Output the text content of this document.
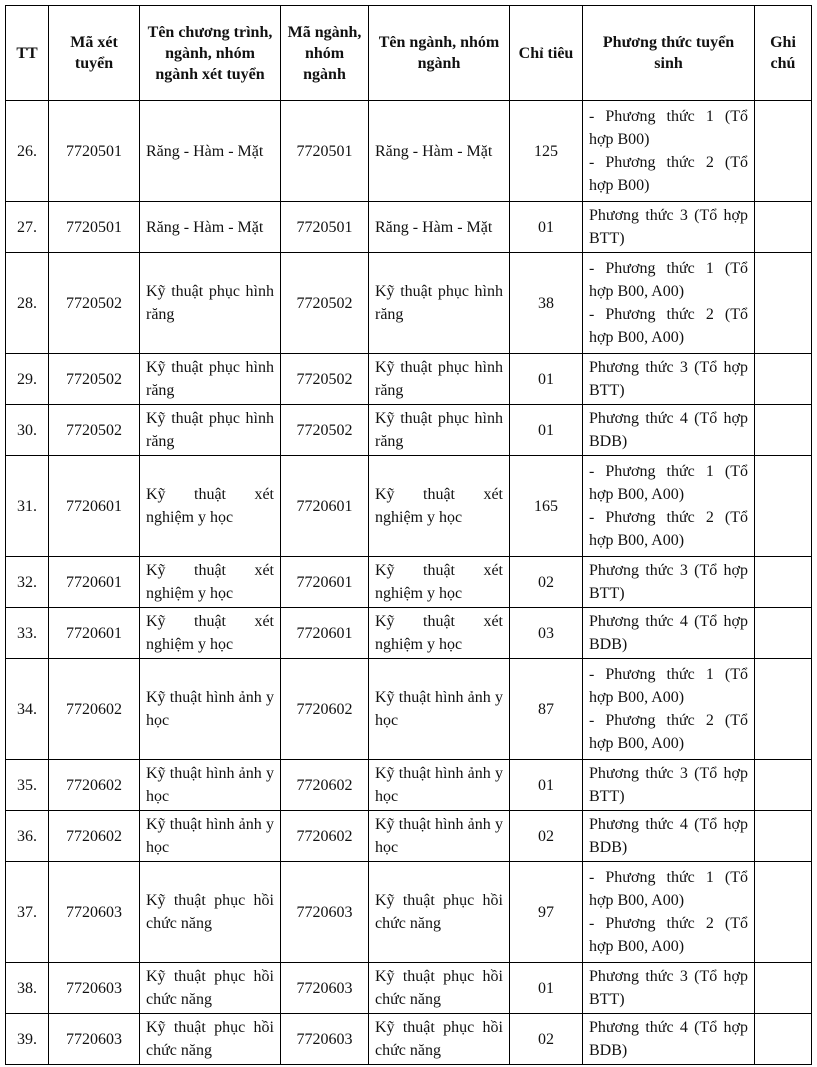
TT	Mã xét tuyển	Tên chương trình, ngành, nhóm ngành xét tuyển	Mã ngành, nhóm ngành	Tên ngành, nhóm ngành	Chỉ tiêu	Phương thức tuyển sinh	Ghi chú
26.	7720501	Răng - Hàm - Mặt	7720501	Răng - Hàm - Mặt	125	- Phương thức 1 (Tổ hợp B00)
- Phương thức 2 (Tổ hợp B00)	

27.	7720501	Răng - Hàm - Mặt	7720501	Răng - Hàm - Mặt	01	Phương thức 3 (Tổ hợp BTT)	

28.	7720502	Kỹ thuật phục hình răng	7720502	Kỹ thuật phục hình răng	38	- Phương thức 1 (Tổ hợp B00, A00)
- Phương thức 2 (Tổ hợp B00, A00)	

29.	7720502	Kỹ thuật phục hình răng	7720502	Kỹ thuật phục hình răng	01	Phương thức 3 (Tổ hợp BTT)	

30.	7720502	Kỹ thuật phục hình răng	7720502	Kỹ thuật phục hình răng	01	Phương thức 4 (Tổ hợp BDB)	

31.	7720601	Kỹ thuật xét nghiệm y học	7720601	Kỹ thuật xét nghiệm y học	165	- Phương thức 1 (Tổ hợp B00, A00)
- Phương thức 2 (Tổ hợp B00, A00)	

32.	7720601	Kỹ thuật xét nghiệm y học	7720601	Kỹ thuật xét nghiệm y học	02	Phương thức 3 (Tổ hợp BTT)	

33.	7720601	Kỹ thuật xét nghiệm y học	7720601	Kỹ thuật xét nghiệm y học	03	Phương thức 4 (Tổ hợp BDB)	

34.	7720602	Kỹ thuật hình ảnh y học	7720602	Kỹ thuật hình ảnh y học	87	- Phương thức 1 (Tổ hợp B00, A00)
- Phương thức 2 (Tổ hợp B00, A00)	

35.	7720602	Kỹ thuật hình ảnh y học	7720602	Kỹ thuật hình ảnh y học	01	Phương thức 3 (Tổ hợp BTT)	

36.	7720602	Kỹ thuật hình ảnh y học	7720602	Kỹ thuật hình ảnh y học	02	Phương thức 4 (Tổ hợp BDB)	

37.	7720603	Kỹ thuật phục hồi chức năng	7720603	Kỹ thuật phục hồi chức năng	97	- Phương thức 1 (Tổ hợp B00, A00)
- Phương thức 2 (Tổ hợp B00, A00)	

38.	7720603	Kỹ thuật phục hồi chức năng	7720603	Kỹ thuật phục hồi chức năng	01	Phương thức 3 (Tổ hợp BTT)	

39.	7720603	Kỹ thuật phục hồi chức năng	7720603	Kỹ thuật phục hồi chức năng	02	Phương thức 4 (Tổ hợp BDB)	
